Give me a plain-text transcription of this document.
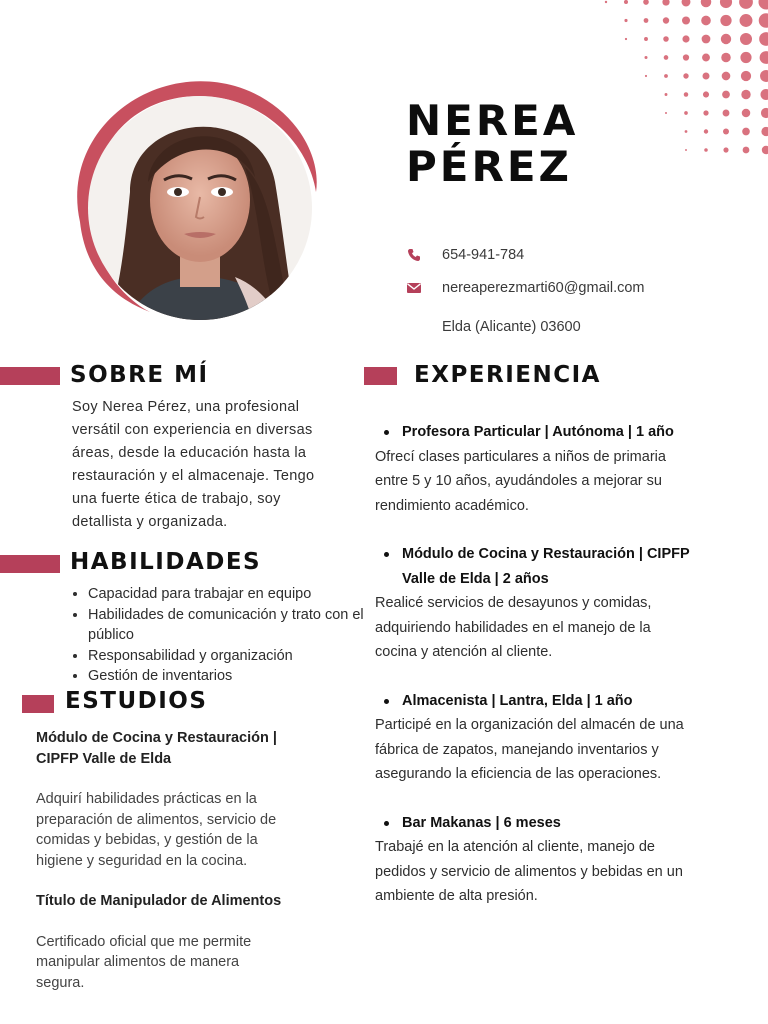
NEREA
PÉREZ
654-941-784
nereaperezmarti60@gmail.com
Elda (Alicante) 03600
SOBRE MÍ
Soy Nerea Pérez, una profesional
versátil con experiencia en diversas
áreas, desde la educación hasta la
restauración y el almacenaje. Tengo
una fuerte ética de trabajo, soy
detallista y organizada.
HABILIDADES
• Capacidad para trabajar en equipo
• Habilidades de comunicación y trato con el público
• Responsabilidad y organización
• Gestión de inventarios
ESTUDIOS
Módulo de Cocina y Restauración |
CIPFP Valle de Elda
Adquirí habilidades prácticas en la
preparación de alimentos, servicio de
comidas y bebidas, y gestión de la
higiene y seguridad en la cocina.
Título de Manipulador de Alimentos
Certificado oficial que me permite
manipular alimentos de manera
segura.
EXPERIENCIA
Profesora Particular | Autónoma | 1 año
Ofrecí clases particulares a niños de primaria
entre 5 y 10 años, ayudándoles a mejorar su
rendimiento académico.
Módulo de Cocina y Restauración | CIPFP
Valle de Elda | 2 años
Realicé servicios de desayunos y comidas,
adquiriendo habilidades en el manejo de la
cocina y atención al cliente.
Almacenista | Lantra, Elda | 1 año
Participé en la organización del almacén de una
fábrica de zapatos, manejando inventarios y
asegurando la eficiencia de las operaciones.
Bar Makanas | 6 meses
Trabajé en la atención al cliente, manejo de
pedidos y servicio de alimentos y bebidas en un
ambiente de alta presión.
